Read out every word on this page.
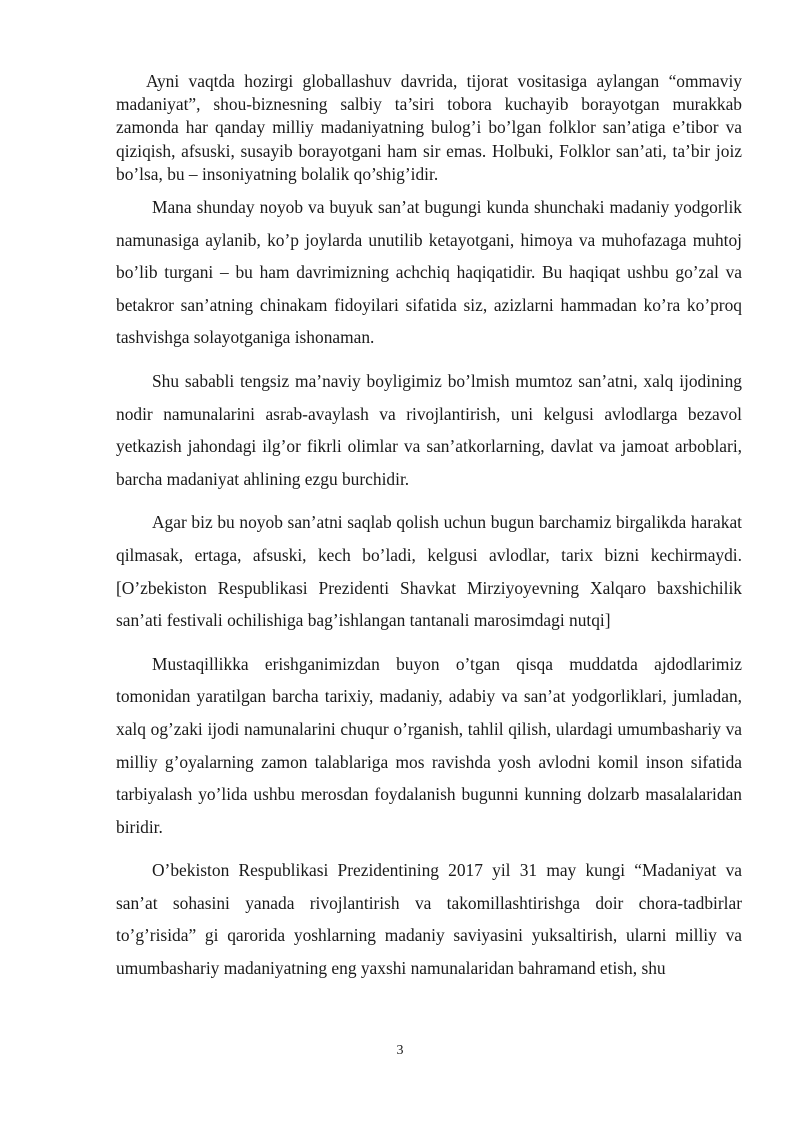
Ayni vaqtda hozirgi globallashuv davrida, tijorat vositasiga aylangan “ommaviy madaniyat”, shou-biznesning salbiy ta’siri tobora kuchayib borayotgan murakkab zamonda har qanday milliy madaniyatning bulog’i bo’lgan folklor san’atiga e’tibor va qiziqish, afsuski, susayib borayotgani ham sir emas. Holbuki, Folklor san’ati, ta’bir joiz bo’lsa, bu – insoniyatning bolalik qo’shig’idir.

Mana shunday noyob va buyuk san’at bugungi kunda shunchaki madaniy yodgorlik namunasiga aylanib, ko’p joylarda unutilib ketayotgani, himoya va muhofazaga muhtoj bo’lib turgani – bu ham davrimizning achchiq haqiqatidir. Bu haqiqat ushbu go’zal va betakror san’atning chinakam fidoyilari sifatida siz, azizlarni hammadan ko’ra ko’proq tashvishga solayotganiga ishonaman.

Shu sababli tengsiz ma’naviy boyligimiz bo’lmish mumtoz san’atni, xalq ijodining nodir namunalarini asrab-avaylash va rivojlantirish, uni kelgusi avlodlarga bezavol yetkazish jahondagi ilg’or fikrli olimlar va san’atkorlarning, davlat va jamoat arboblari, barcha madaniyat ahlining ezgu burchidir.

Agar biz bu noyob san’atni saqlab qolish uchun bugun barchamiz birgalikda harakat qilmasak, ertaga, afsuski, kech bo’ladi, kelgusi avlodlar, tarix bizni kechirmaydi. [O’zbekiston Respublikasi Prezidenti Shavkat Mirziyoyevning Xalqaro baxshichilik san’ati festivali ochilishiga bag’ishlangan tantanali marosimdagi nutqi]

Mustaqillikka erishganimizdan buyon o’tgan qisqa muddatda ajdodlarimiz tomonidan yaratilgan barcha tarixiy, madaniy, adabiy va san’at yodgorliklari, jumladan, xalq og’zaki ijodi namunalarini chuqur o’rganish, tahlil qilish, ulardagi umumbashariy va milliy g’oyalarning zamon talablariga mos ravishda yosh avlodni komil inson sifatida tarbiyalash yo’lida ushbu merosdan foydalanish bugunni kunning dolzarb masalalaridan biridir.

O’bekiston Respublikasi Prezidentining 2017 yil 31 may kungi “Madaniyat va san’at sohasini yanada rivojlantirish va takomillashtirishga doir chora-tadbirlar to’g’risida” gi qarorida yoshlarning madaniy saviyasini yuksaltirish, ularni milliy va umumbashariy madaniyatning eng yaxshi namunalaridan bahramand etish, shu

3
